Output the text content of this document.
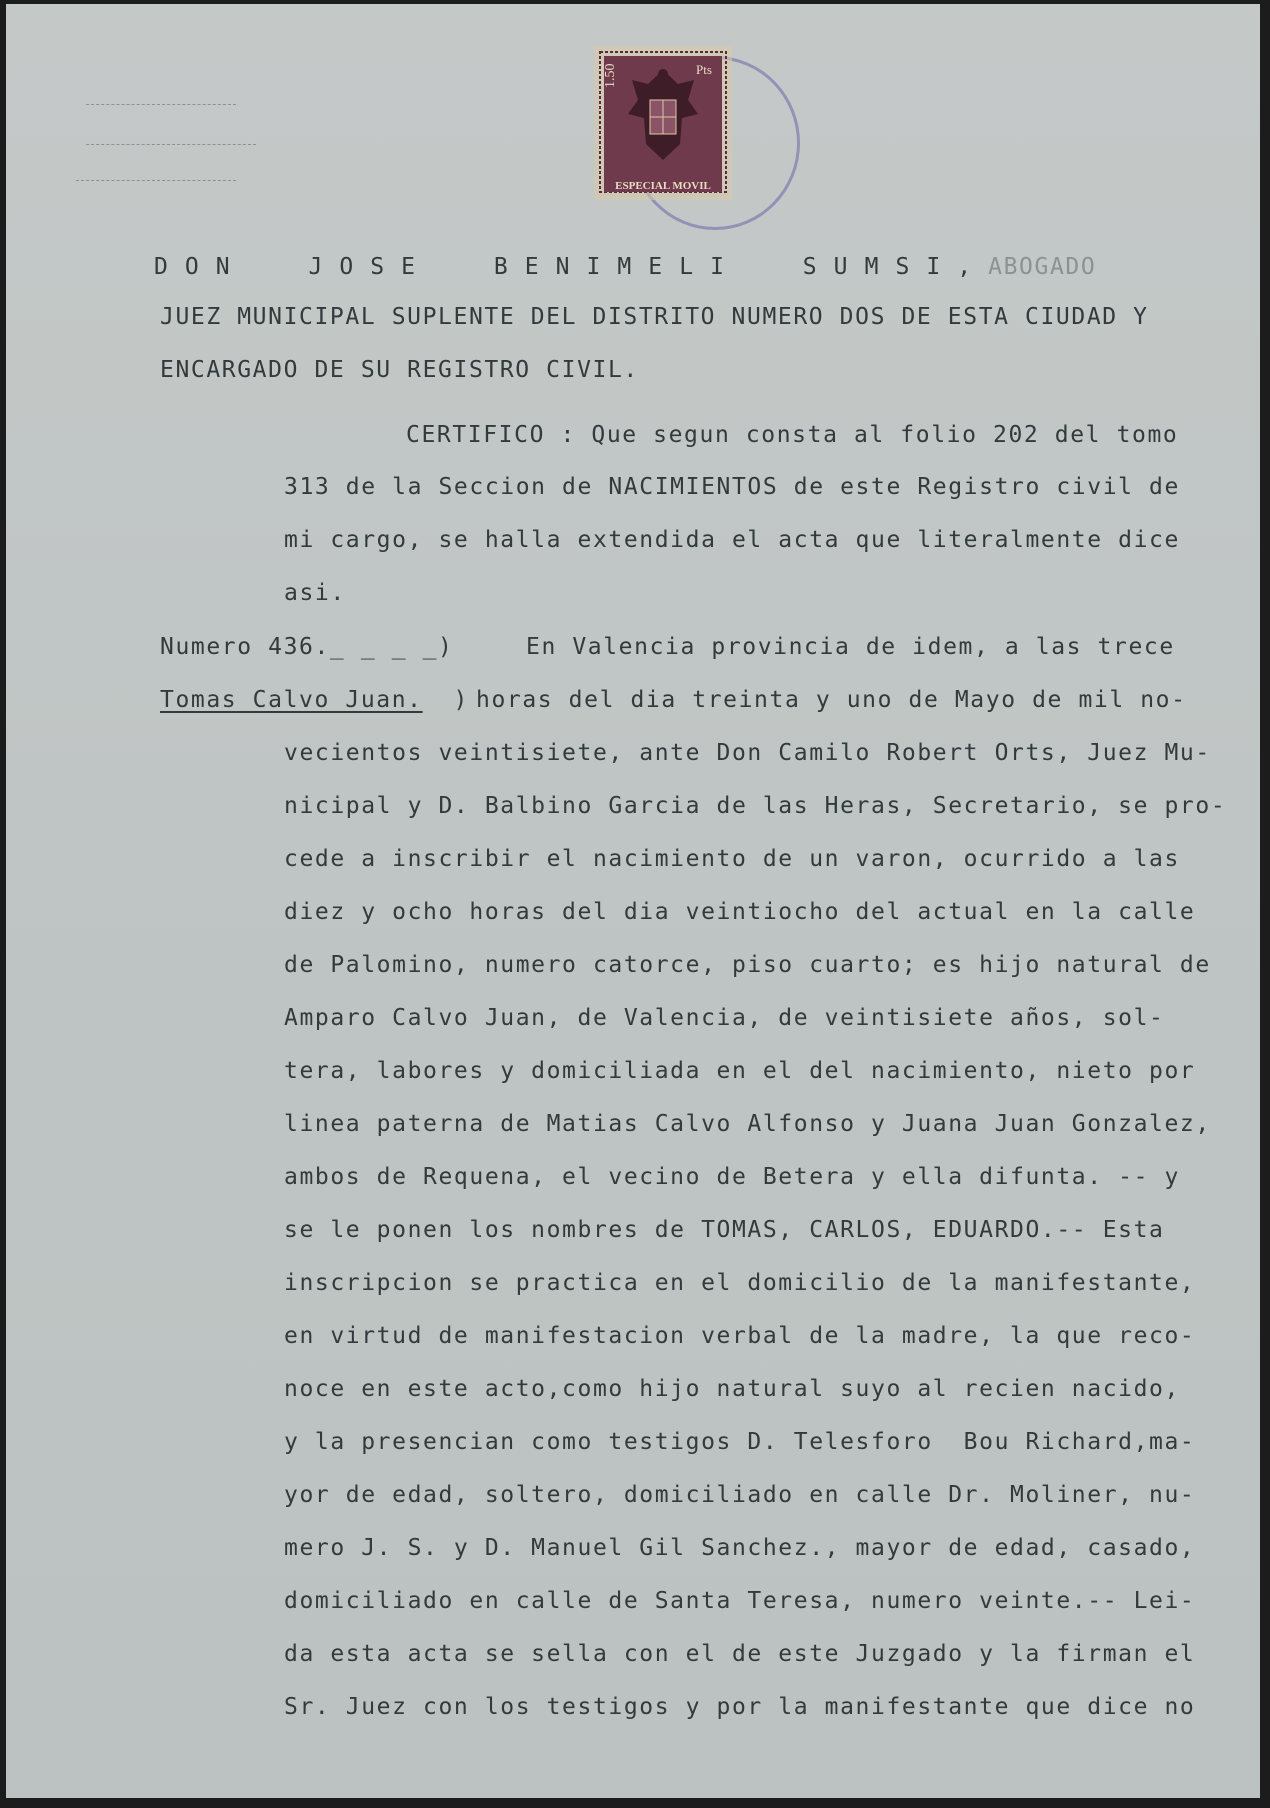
1.50	Pts
ESPECIAL MOVIL
D O N     J O S E     B E N I M E L I     S U M S I , ABOGADO
JUEZ MUNICIPAL SUPLENTE DEL DISTRITO NUMERO DOS DE ESTA CIUDAD Y
ENCARGADO DE SU REGISTRO CIVIL.
CERTIFICO : Que segun consta al folio 202 del tomo
313 de la Seccion de NACIMIENTOS de este Registro civil de
mi cargo, se halla extendida el acta que literalmente dice
asi.
Numero 436._ _ _ _)
Tomas Calvo Juan. )
En Valencia provincia de idem, a las trece
horas del dia treinta y uno de Mayo de mil no-
vecientos veintisiete, ante Don Camilo Robert Orts, Juez Mu-
nicipal y D. Balbino Garcia de las Heras, Secretario, se pro-
cede a inscribir el nacimiento de un varon, ocurrido a las
diez y ocho horas del dia veintiocho del actual en la calle
de Palomino, numero catorce, piso cuarto; es hijo natural de
Amparo Calvo Juan, de Valencia, de veintisiete años, sol-
tera, labores y domiciliada en el del nacimiento, nieto por
linea paterna de Matias Calvo Alfonso y Juana Juan Gonzalez,
ambos de Requena, el vecino de Betera y ella difunta. -- y
se le ponen los nombres de TOMAS, CARLOS, EDUARDO.-- Esta
inscripcion se practica en el domicilio de la manifestante,
en virtud de manifestacion verbal de la madre, la que reco-
noce en este acto,como hijo natural suyo al recien nacido,
y la presencian como testigos D. Telesforo  Bou Richard,ma-
yor de edad, soltero, domiciliado en calle Dr. Moliner, nu-
mero J. S. y D. Manuel Gil Sanchez., mayor de edad, casado,
domiciliado en calle de Santa Teresa, numero veinte.-- Lei-
da esta acta se sella con el de este Juzgado y la firman el
Sr. Juez con los testigos y por la manifestante que dice no
